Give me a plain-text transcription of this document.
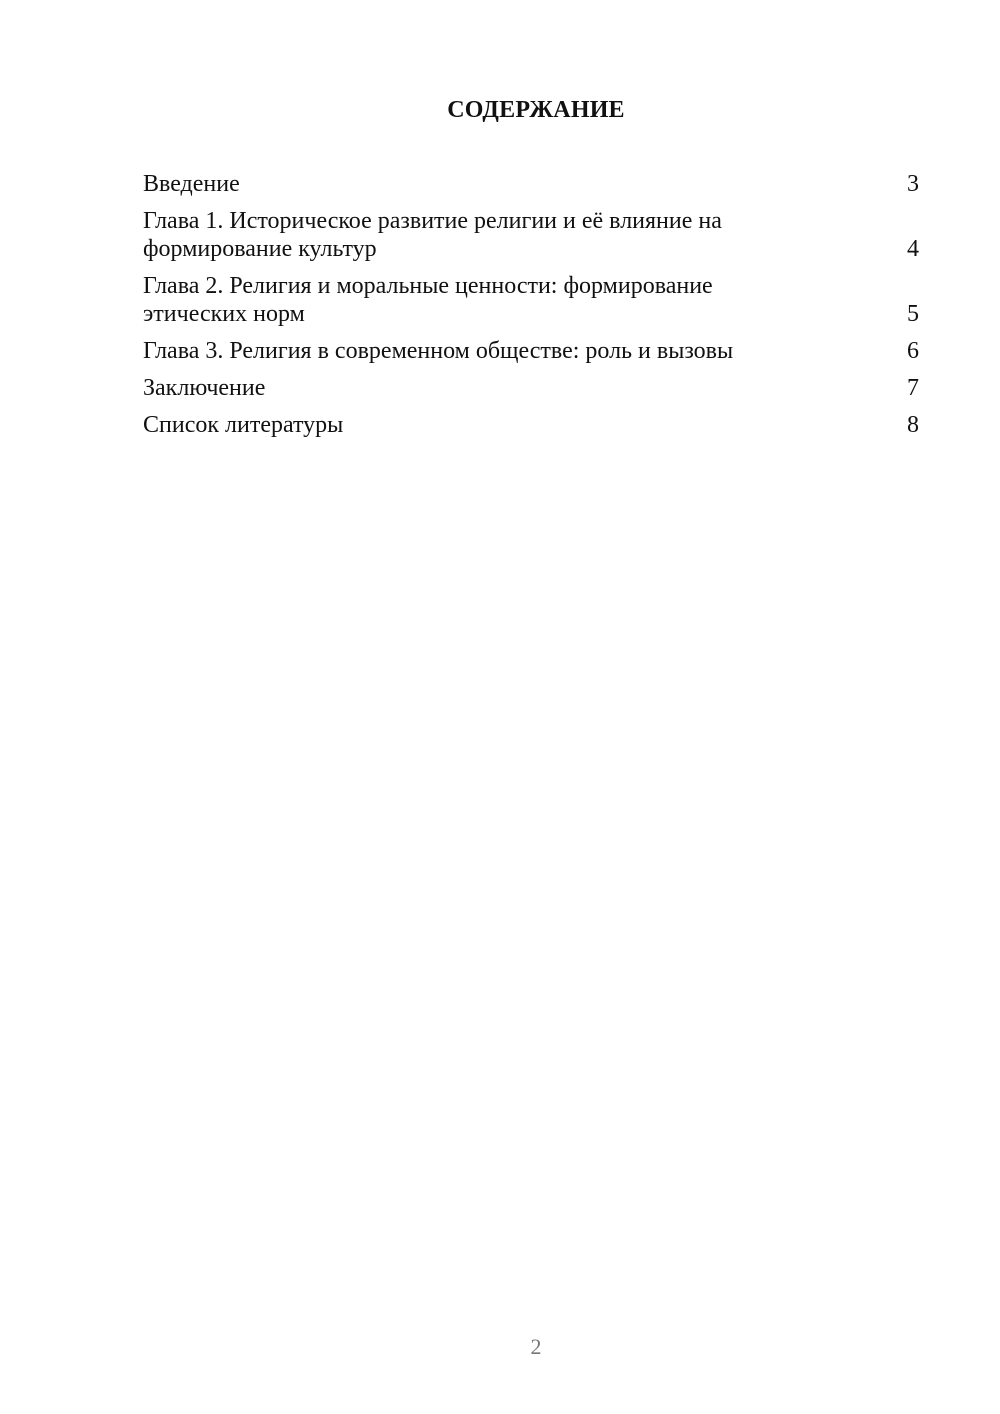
СОДЕРЖАНИЕ
Введение	3
Глава 1. Историческое развитие религии и её влияние на формирование культур	4
Глава 2. Религия и моральные ценности: формирование этических норм	5
Глава 3. Религия в современном обществе: роль и вызовы	6
Заключение	7
Список литературы	8
2
